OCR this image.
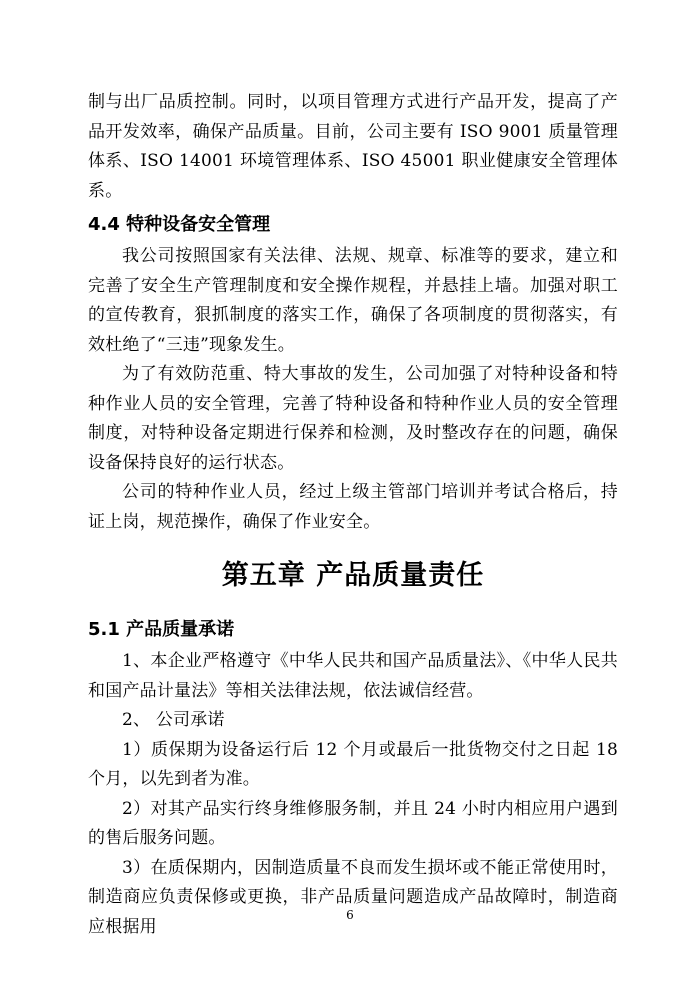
制与出厂品质控制。同时，以项目管理方式进行产品开发，提高了产品开发效率，确保产品质量。目前，公司主要有 ISO 9001 质量管理体系、ISO 14001 环境管理体系、ISO 45001 职业健康安全管理体系。

4.4 特种设备安全管理

我公司按照国家有关法律、法规、规章、标准等的要求，建立和完善了安全生产管理制度和安全操作规程，并悬挂上墙。加强对职工的宣传教育，狠抓制度的落实工作，确保了各项制度的贯彻落实，有效杜绝了“三违”现象发生。

为了有效防范重、特大事故的发生，公司加强了对特种设备和特种作业人员的安全管理，完善了特种设备和特种作业人员的安全管理制度，对特种设备定期进行保养和检测，及时整改存在的问题，确保设备保持良好的运行状态。

公司的特种作业人员，经过上级主管部门培训并考试合格后，持证上岗，规范操作，确保了作业安全。

第五章 产品质量责任
5.1 产品质量承诺

1、本企业严格遵守《中华人民共和国产品质量法》、《中华人民共和国产品计量法》等相关法律法规，依法诚信经营。

2、 公司承诺

1）质保期为设备运行后 12 个月或最后一批货物交付之日起 18 个月，以先到者为准。

2）对其产品实行终身维修服务制，并且 24 小时内相应用户遇到的售后服务问题。

3）在质保期内，因制造质量不良而发生损坏或不能正常使用时，制造商应负责保修或更换，非产品质量问题造成产品故障时，制造商应根据用

6
